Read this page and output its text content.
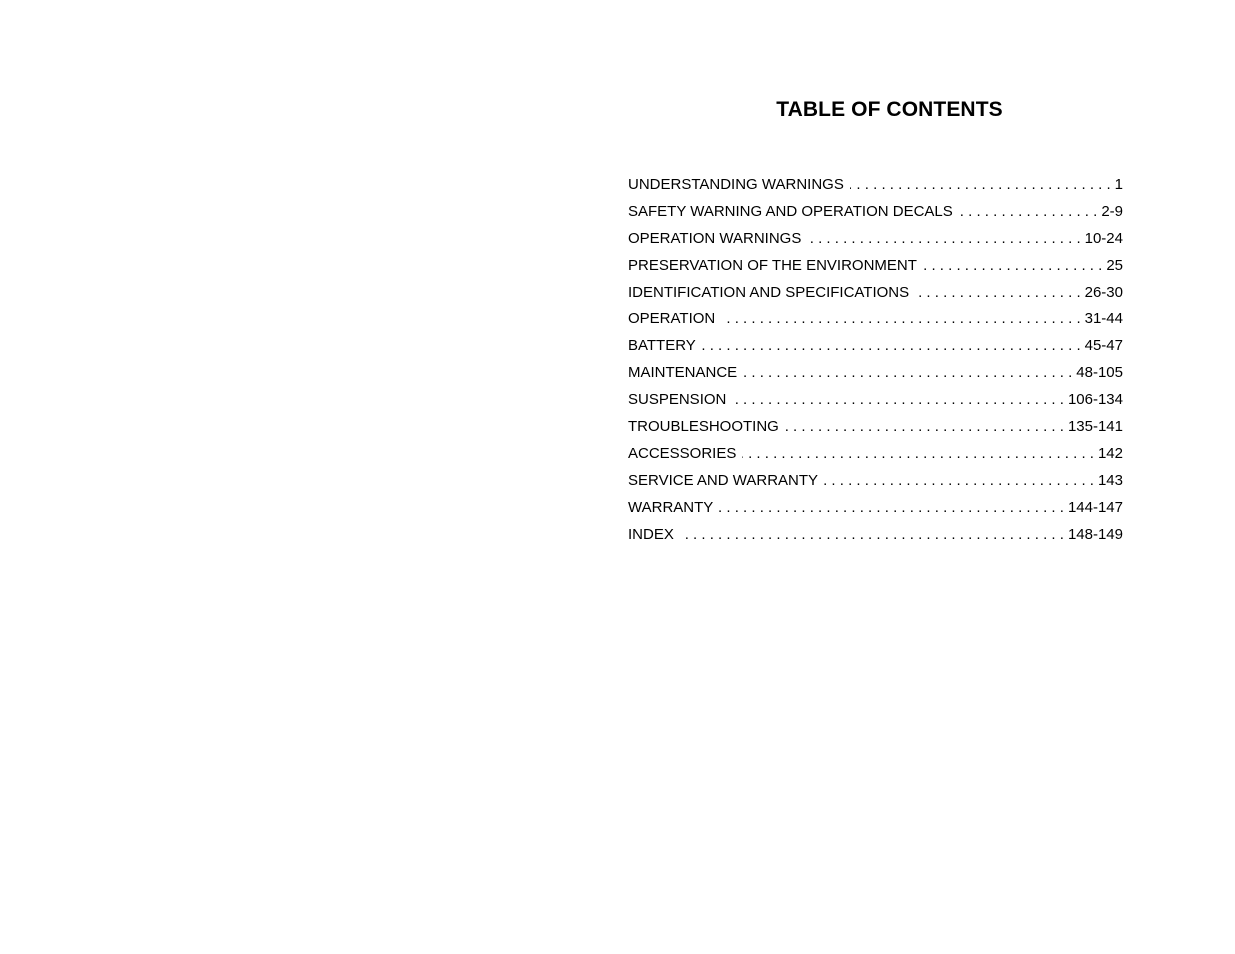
TABLE OF CONTENTS
UNDERSTANDING WARNINGS . . .	1
SAFETY WARNING AND OPERATION DECALS . . .	2-9
OPERATION WARNINGS . . .	10-24
PRESERVATION OF THE ENVIRONMENT . . .	25
IDENTIFICATION AND SPECIFICATIONS . . .	26-30
OPERATION . . .	31-44
BATTERY . . .	45-47
MAINTENANCE . . .	48-105
SUSPENSION . . .	106-134
TROUBLESHOOTING . . .	135-141
ACCESSORIES . . .	142
SERVICE AND WARRANTY . . .	143
WARRANTY . . .	144-147
INDEX . . .	148-149
